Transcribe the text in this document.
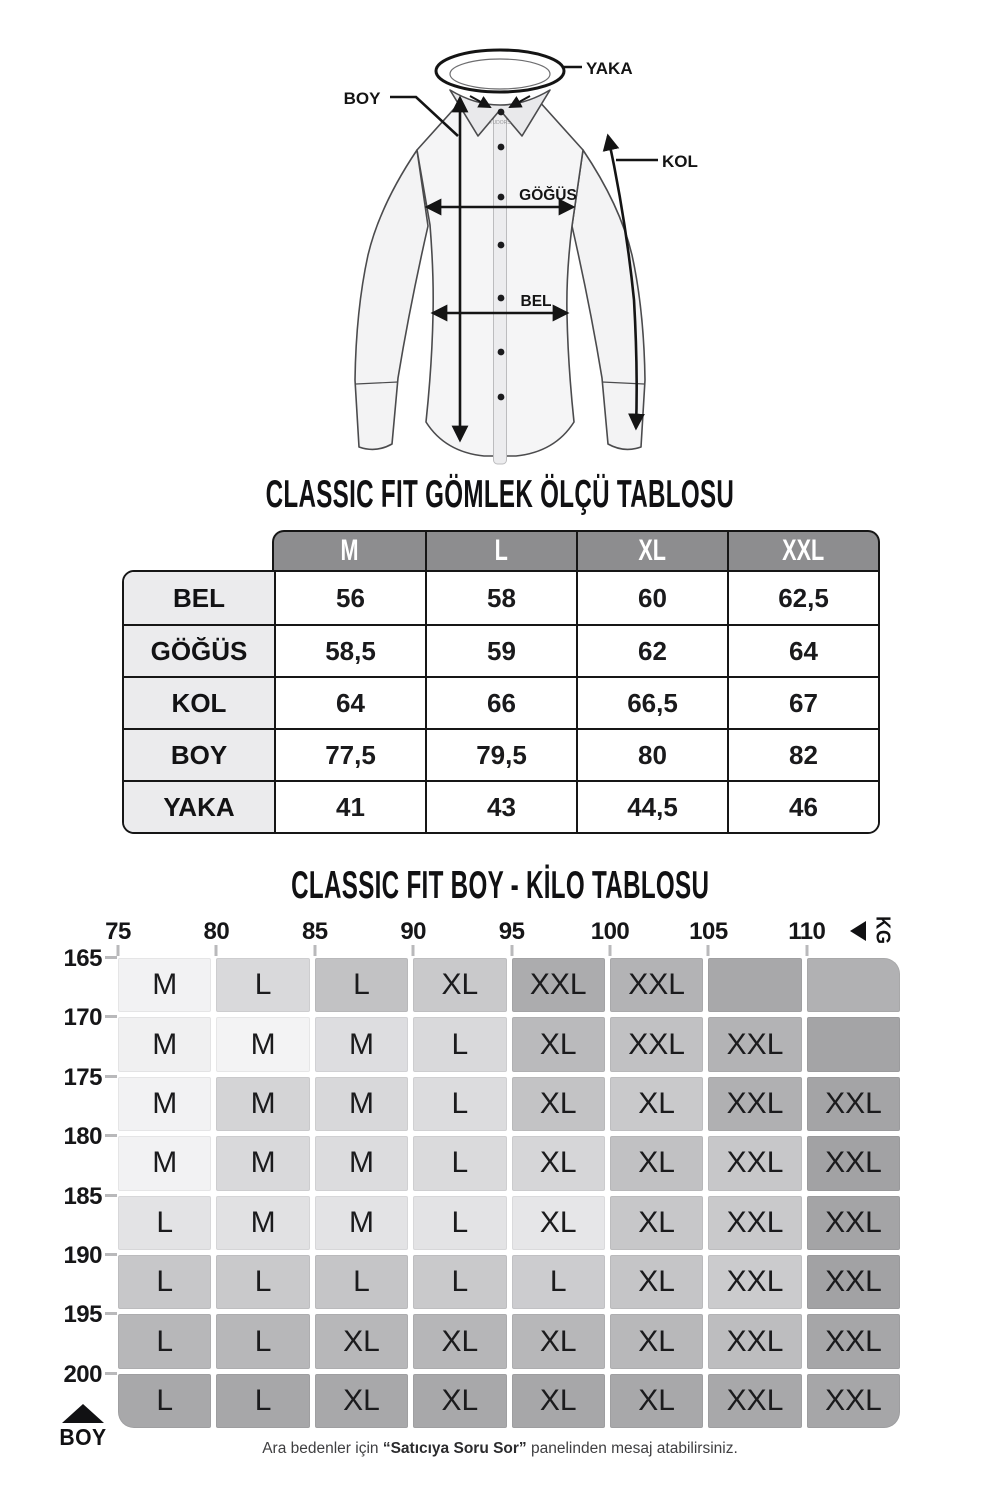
TUDORS
YAKA
BOY
KOL
GÖĞÜS
BEL
CLASSIC FIT GÖMLEK ÖLÇÜ TABLOSU
M	L	XL	XXL
BEL	56	58	60	62,5
GÖĞÜS	58,5	59	62	64
KOL	64	66	66,5	67
BOY	77,5	79,5	80	82
YAKA	41	43	44,5	46
CLASSIC FIT BOY - KİLO TABLOSU
KG
M	L	L	XL	XXL	XXL
M	M	M	L	XL	XXL	XXL
M	M	M	L	XL	XL	XXL	XXL
M	M	M	L	XL	XL	XXL	XXL
L	M	M	L	XL	XL	XXL	XXL
L	L	L	L	L	XL	XXL	XXL
L	L	XL	XL	XL	XL	XXL	XXL
L	L	XL	XL	XL	XL	XXL	XXL
BOY	Ara bedenler için “Satıcıya Soru Sor” panelinden mesaj atabilirsiniz.
75	80	85	90	95	100 105	110
165
170
175
180
185
190
195
200
